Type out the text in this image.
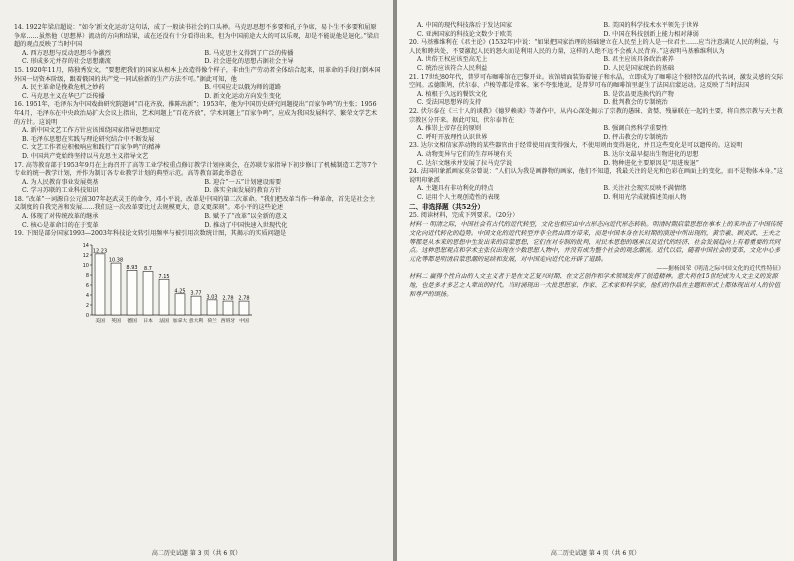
14. 1922年梁启超说：“如今‘新文化运动’这句话，成了一般读书社会的口头禅。马克思思想不多要和孔子争席，易卜生不多要和屈原争席……虽然他（思想界）流动的方向和结果，或在还没有十分看得出来，但为中国前途大大的可以乐观，却是不能说他是退化。”梁启超的观点反映了当时中国

A. 西方思想与反动思想斗争激烈	B. 马克思主义得到了广泛的传播
C. 形成多元并存的社会思想潮流	D. 社会进化的思想占据社会主导

15. 1920年11月，陈独秀发文，“要想把我们的国家从根本上改造得像个样子，非由生产劳动者全体结合起来，用革命的手段打倒本国外国一切资本阶级，跟着俄国的共产党一同试验新的生产方法不可。”据此可知，他

A. 民主革命是挽救危机之妙药	B. 中国应走以俄为师的道路
C. 马克思主义在华已广泛传播	D. 新文化运动方向发生变化

16. 1951年，毛泽东为中国戏曲研究院题词“百花齐放，推陈出新”；1953年，他为中国历史研究问题提出“百家争鸣”的主张；1956年4月，毛泽东在中央政治局扩大会议上指出，艺术问题上“百花齐放”，学术问题上“百家争鸣”，应成为我国发展科学、繁荣文学艺术的方针。这说明

A. 新中国文艺工作方针应该围绕国家指导思想而定
B. 毛泽东思想在实践与理论研究结合中不断发展
C. 文艺工作者应积极响应和践行“百家争鸣”的精神
D. 中国共产党始终坚持以马克思主义指导文艺

17. 高等教育部于1953年9月在上海召开了高等工业学校重点修订教学计划座谈会，在苏联专家指导下初步修订了机械制造工艺等7个专业的统一教学计划，并作为制订各专业教学计划的典型示范。高等教育部此举意在

A. 为人民教育事业发展奠基	B. 迎合“一五”计划建设需要
C. 学习苏联的工业科技知识	D. 落实全面发展的教育方针

18. “改革”一词源自公元前307年赵武灵王的命令，邓小平说，改革是中国的第二次革命。“我们把改革当作一种革命，首先是社会主义制度的自我完善和发展……我们这一次改革要比过去规模更大，意义更深刻”。邓小平的这些论述

A. 体现了对传统改革的继承	B. 赋予了“改革”以全新的意义
C. 核心是革命目的在于变革	D. 推动了中国快速入世现代化

19. 下图是部分国家1993—2003年科技论文转引用频率与被引用次数统计图，其揭示的实质问题是

0
2
4
6
8
10
12
14
12.23
美国
10.38
英国
8.93
德国
8.7
日本
7.15
法国
4.25
加拿大
3.77
意大利
3.03
荷兰
2.78
西班牙
2.78
中国
高二历史试题 第 3 页（共 6 页）
A. 中国的现代科技落后于发达国家	B. 美国的科学技术水平领先于世界
C. 亚洲国家的科技论文数少于欧美	D. 中国在科技创新上能力相对薄弱

20. 马基雅维利在《君主论》(1532年)中说：“如果把国家治理的基础建立在人民至上的人是一位君主……应当注意满足人民的利益，与人民和睦共处，不要激起人民的怒火而是利用人民的力量，这样的人绝不远不会被人民背弃。”这表明马基雅维利认为

A. 世俗王权应该至高无上	B. 君主应该具备政治素养
C. 统治应该符合人民利益	D. 人民是国家统治的基础

21. 17世纪80年代，普罗可布咖啡馆在巴黎开业。该馆墙面装饰着镜子和水晶，立即成为了咖啡这个独特饮品的代名词，激发灵感的交际空间。孟德斯鸠、伏尔泰、卢梭等都是常客。案不夸张地说，是普罗可布的咖啡馆里诞生了法国启蒙运动。这反映了当时法国

A. 植根于久远的餐饮文化	B. 是饮品更迭换代的产物
C. 受法国思想界的支持	D. 批判教会的专制统治

22. 伏尔泰在《三十人的谈教》《德罗赖谈》等著作中，从内心深处揭示了宗教的愚昧、贪婪、残暴联在一起的主要，将自然宗教与天主教宗教区分开来。据此可知，伏尔泰旨在

A. 推崇上帝存在的原则	B. 强调自然科学重要性
C. 呼吁开放理性认识世界	D. 抨击教会的专制统治

23. 达尔文相信家养动物的某些器官由于经常使用而变得强大，不使用则由变得退化，并且这些变化是可以遗传的。这说明

A. 动物变异与它们的生存环境有关	B. 达尔文最早提出生物进化的思想
C. 达尔文继承并发展了拉马克学说	D. 物种进化主要原因是“用进废退”

24. 法国印象派画家莫奈曾说：“人们认为我是画静物的画家，他们不知道，我最关注的是光和色彩在画面上的变化，而不是物体本身。”这说明印象派

A. 主题具有非功利化的特点	B. 关注社会现实反映不满情绪
C. 运用个人主观创造性的表现	D. 利用光学成就描述美丽人物
二、非选择题（共52分）

25. 阅读材料，完成下列要求。（20分）

材料一 明清之际，中国社会有古代的近代转型，文化也相应由中古形态向近代形态转轨。明清时期启蒙思想在事本上的来冲击了中国传统文化向近代转化的趋势。中国文化的近代转型并非全然由西方带来，而是中国本身在长时期的演进中所出现的，黄宗羲、顾炎武、王夫之等都是从本来的思想中生发出来的启蒙思想，它们在对专制的批判、对民本思想的继承以及近代的经济、社会发展趋向上有着重要的共同点。这种思想观点和学术主张仅出现在少数思想人物中，并没有成为整个社会的观念潮流。近代以后，随着中国社会的变革，文化中心多元化等都是明清启蒙思潮的延续和发展，对中国走向近代化开辟了道路。

——据杨国荣《明清之际中国文化的近代性特征》

材料二 赢得个性自由的人文主义者于是在文艺复兴时期、在文艺创作和学术领域发挥了创造精神。意大利在15世纪成为人文主义的发源地，也是多才多艺之人辈出的时代。当时涌现出一大批思想家、作家、艺术家和科学家，他们的作品在主题和形式上都体现出对人的价值和尊严的颂扬。

高二历史试题 第 4 页（共 6 页）
